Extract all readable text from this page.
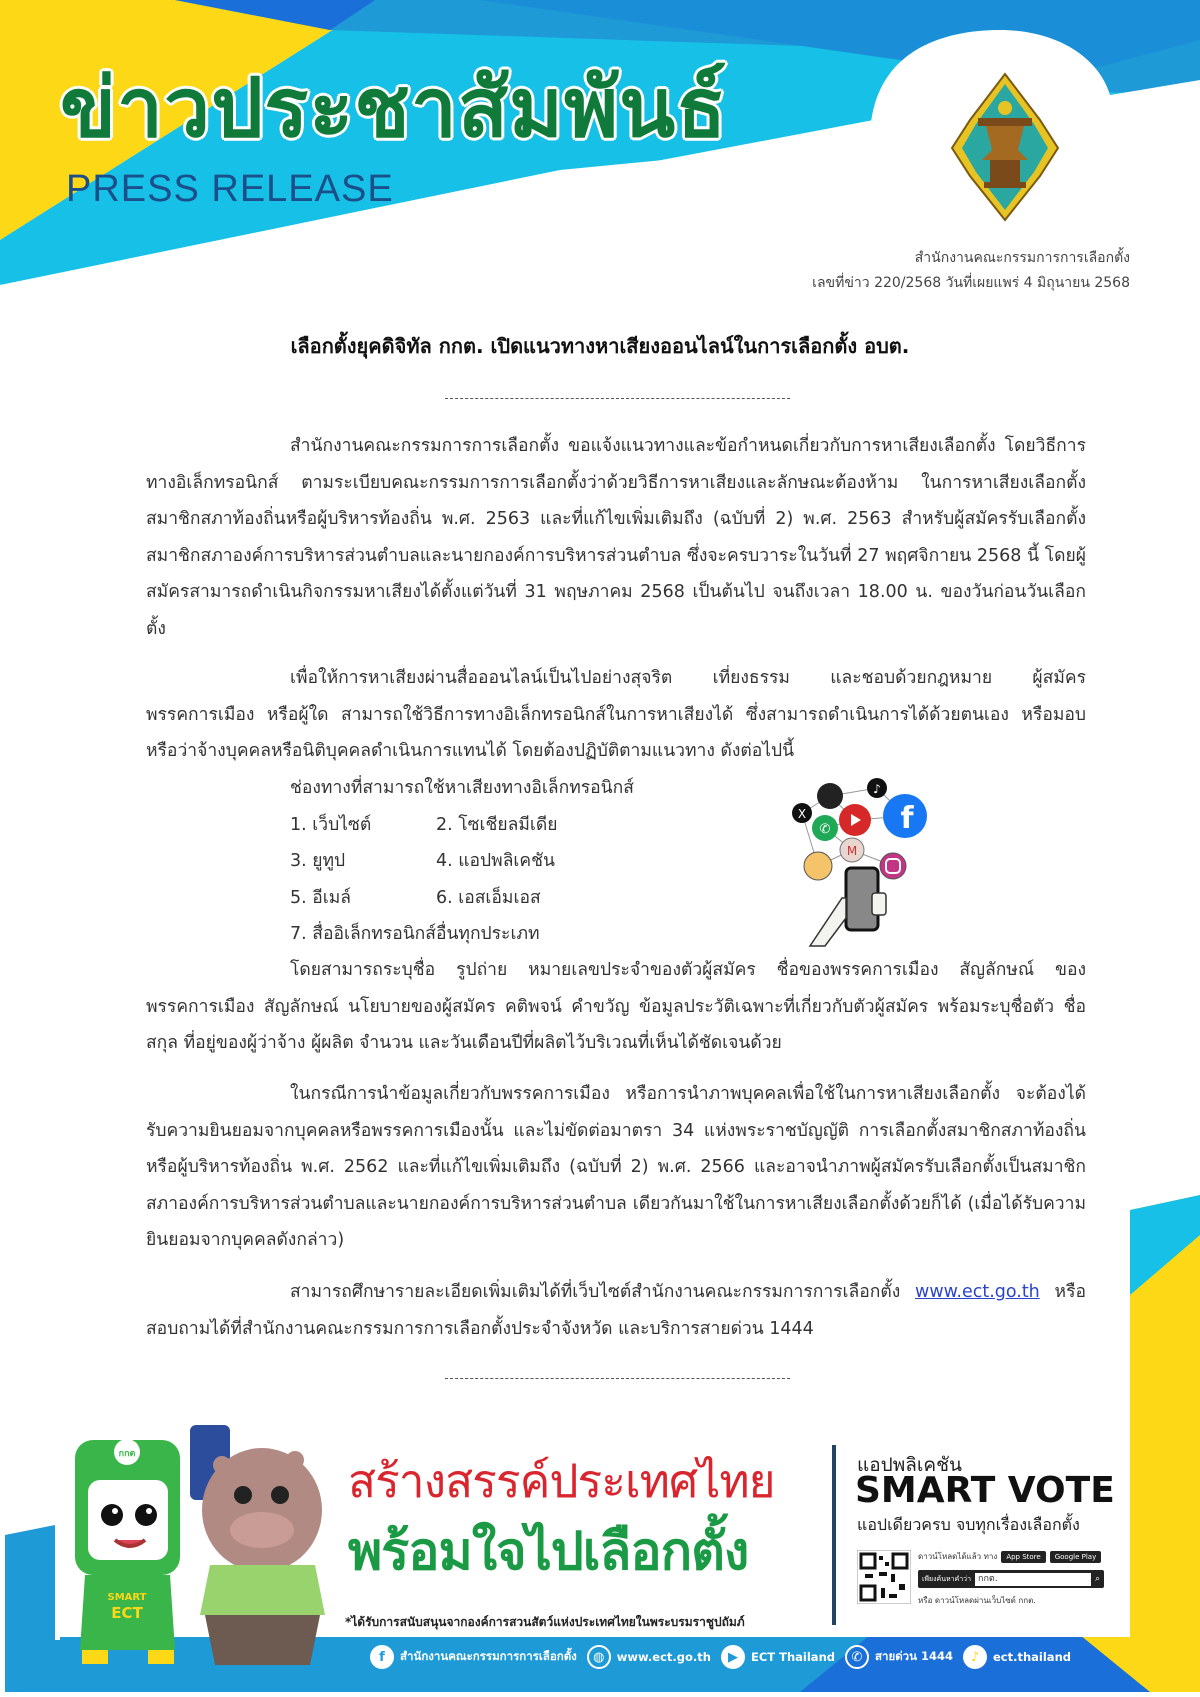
ข่าวประชาสัมพันธ์
PRESS RELEASE
สำนักงานคณะกรรมการการเลือกตั้ง
เลขที่ข่าว 220/2568 วันที่เผยแพร่ 4 มิถุนายน 2568
เลือกตั้งยุคดิจิทัล กกต. เปิดแนวทางหาเสียงออนไลน์ในการเลือกตั้ง อบต.
สำนักงานคณะกรรมการการเลือกตั้ง ขอแจ้งแนวทางและข้อกำหนดเกี่ยวกับการหาเสียงเลือกตั้ง โดยวิธีการทางอิเล็กทรอนิกส์ ตามระเบียบคณะกรรมการการเลือกตั้งว่าด้วยวิธีการหาเสียงและลักษณะต้องห้าม ในการหาเสียงเลือกตั้งสมาชิกสภาท้องถิ่นหรือผู้บริหารท้องถิ่น พ.ศ. 2563 และที่แก้ไขเพิ่มเติมถึง (ฉบับที่ 2) พ.ศ. 2563 สำหรับผู้สมัครรับเลือกตั้งสมาชิกสภาองค์การบริหารส่วนตำบลและนายกองค์การบริหารส่วนตำบล ซึ่งจะครบวาระในวันที่ 27 พฤศจิกายน 2568 นี้ โดยผู้สมัครสามารถดำเนินกิจกรรมหาเสียงได้ตั้งแต่วันที่ 31 พฤษภาคม 2568 เป็นต้นไป จนถึงเวลา 18.00 น. ของวันก่อนวันเลือกตั้ง
เพื่อให้การหาเสียงผ่านสื่อออนไลน์เป็นไปอย่างสุจริต เที่ยงธรรม และชอบด้วยกฎหมาย ผู้สมัคร พรรคการเมือง หรือผู้ใด สามารถใช้วิธีการทางอิเล็กทรอนิกส์ในการหาเสียงได้ ซึ่งสามารถดำเนินการได้ด้วยตนเอง หรือมอบหรือว่าจ้างบุคคลหรือนิติบุคคลดำเนินการแทนได้ โดยต้องปฏิบัติตามแนวทาง ดังต่อไปนี้
ช่องทางที่สามารถใช้หาเสียงทางอิเล็กทรอนิกส์
1. เว็บไซต์	2. โซเชียลมีเดีย
3. ยูทูป	4. แอปพลิเคชัน
5. อีเมล์	6. เอสเอ็มเอส
7. สื่ออิเล็กทรอนิกส์อื่นทุกประเภท
X
♪
f
✆
M
โดยสามารถระบุชื่อ รูปถ่าย หมายเลขประจำของตัวผู้สมัคร ชื่อของพรรคการเมือง สัญลักษณ์ ของพรรคการเมือง สัญลักษณ์ นโยบายของผู้สมัคร คติพจน์ คำขวัญ ข้อมูลประวัติเฉพาะที่เกี่ยวกับตัวผู้สมัคร พร้อมระบุชื่อตัว ชื่อสกุล ที่อยู่ของผู้ว่าจ้าง ผู้ผลิต จำนวน และวันเดือนปีที่ผลิตไว้บริเวณที่เห็นได้ชัดเจนด้วย
ในกรณีการนำข้อมูลเกี่ยวกับพรรคการเมือง หรือการนำภาพบุคคลเพื่อใช้ในการหาเสียงเลือกตั้ง จะต้องได้รับความยินยอมจากบุคคลหรือพรรคการเมืองนั้น และไม่ขัดต่อมาตรา 34 แห่งพระราชบัญญัติ การเลือกตั้งสมาชิกสภาท้องถิ่นหรือผู้บริหารท้องถิ่น พ.ศ. 2562 และที่แก้ไขเพิ่มเติมถึง (ฉบับที่ 2) พ.ศ. 2566 และอาจนำภาพผู้สมัครรับเลือกตั้งเป็นสมาชิกสภาองค์การบริหารส่วนตำบลและนายกองค์การบริหารส่วนตำบล เดียวกันมาใช้ในการหาเสียงเลือกตั้งด้วยก็ได้ (เมื่อได้รับความยินยอมจากบุคคลดังกล่าว)
สามารถศึกษารายละเอียดเพิ่มเติมได้ที่เว็บไซต์สำนักงานคณะกรรมการการเลือกตั้ง www.ect.go.th หรือสอบถามได้ที่สำนักงานคณะกรรมการการเลือกตั้งประจำจังหวัด และบริการสายด่วน 1444
กกต
SMART
ECT
สร้างสรรค์ประเทศไทย
พร้อมใจไปเลือกตั้ง
*ได้รับการสนับสนุนจากองค์การสวนสัตว์แห่งประเทศไทยในพระบรมราชูปถัมภ์
แอปพลิเคชัน
SMART VOTE
แอปเดียวครบ จบทุกเรื่องเลือกตั้ง
ดาวน์โหลดได้แล้ว ทาง	App Store	Google Play
เพียงค้นหาคำว่า กกต.	⌕
หรือ ดาวน์โหลดผ่านเว็บไซต์ กกต.
f	สำนักงานคณะกรรมการการเลือกตั้ง	◍	www.ect.go.th	▶	ECT Thailand	✆	สายด่วน 1444	♪	ect.thailand
